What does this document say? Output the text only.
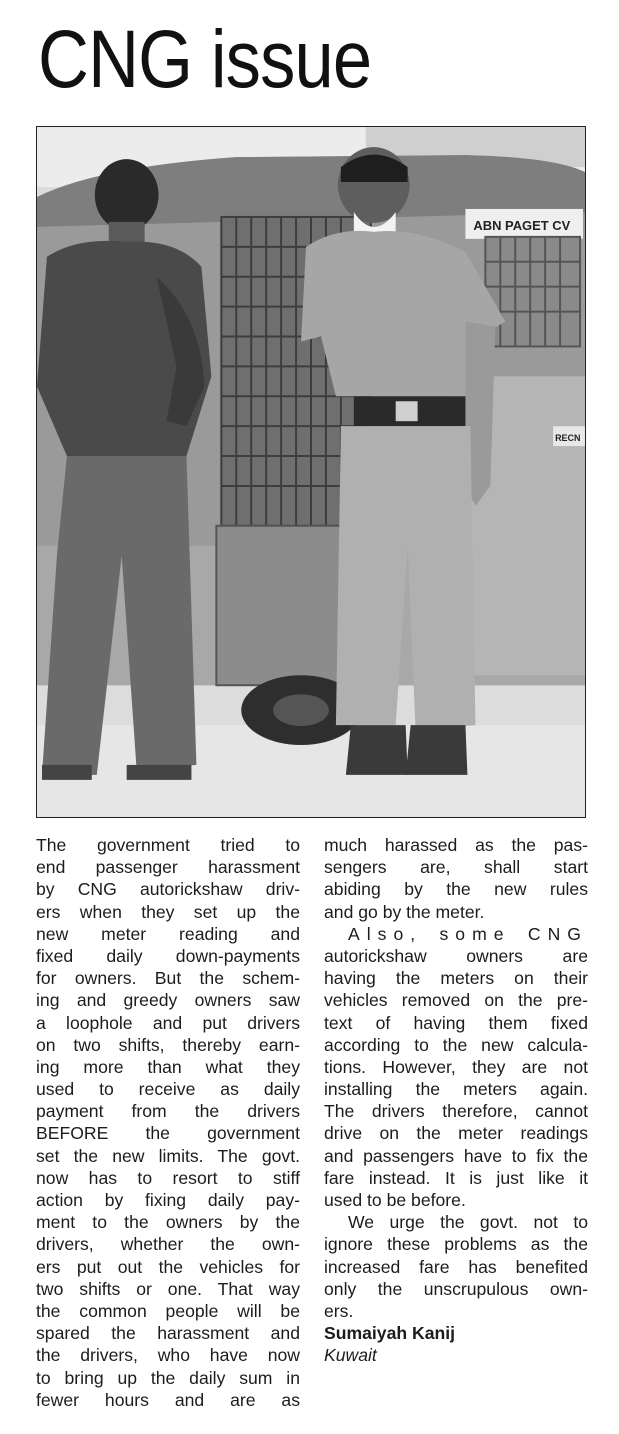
CNG issue
ABN PAGET CV
RECN
The government tried to
end passenger harassment
by CNG autorickshaw driv-
ers when they set up the
new meter reading and
fixed daily down-payments
for owners. But the schem-
ing and greedy owners saw
a loophole and put drivers
on two shifts, thereby earn-
ing more than what they
used to receive as daily
payment from the drivers
BEFORE the government
set the new limits. The govt.
now has to resort to stiff
action by fixing daily pay-
ment to the owners by the
drivers, whether the own-
ers put out the vehicles for
two shifts or one. That way
the common people will be
spared the harassment and
the drivers, who have now
to bring up the daily sum in
fewer hours and are as
much harassed as the pas-
sengers are, shall start
abiding by the new rules
and go by the meter.
Also, some CNG
autorickshaw owners are
having the meters on their
vehicles removed on the pre-
text of having them fixed
according to the new calcula-
tions. However, they are not
installing the meters again.
The drivers therefore, cannot
drive on the meter readings
and passengers have to fix the
fare instead. It is just like it
used to be before.
We urge the govt. not to
ignore these problems as the
increased fare has benefited
only the unscrupulous own-
ers.
Sumaiyah Kanij
Kuwait
